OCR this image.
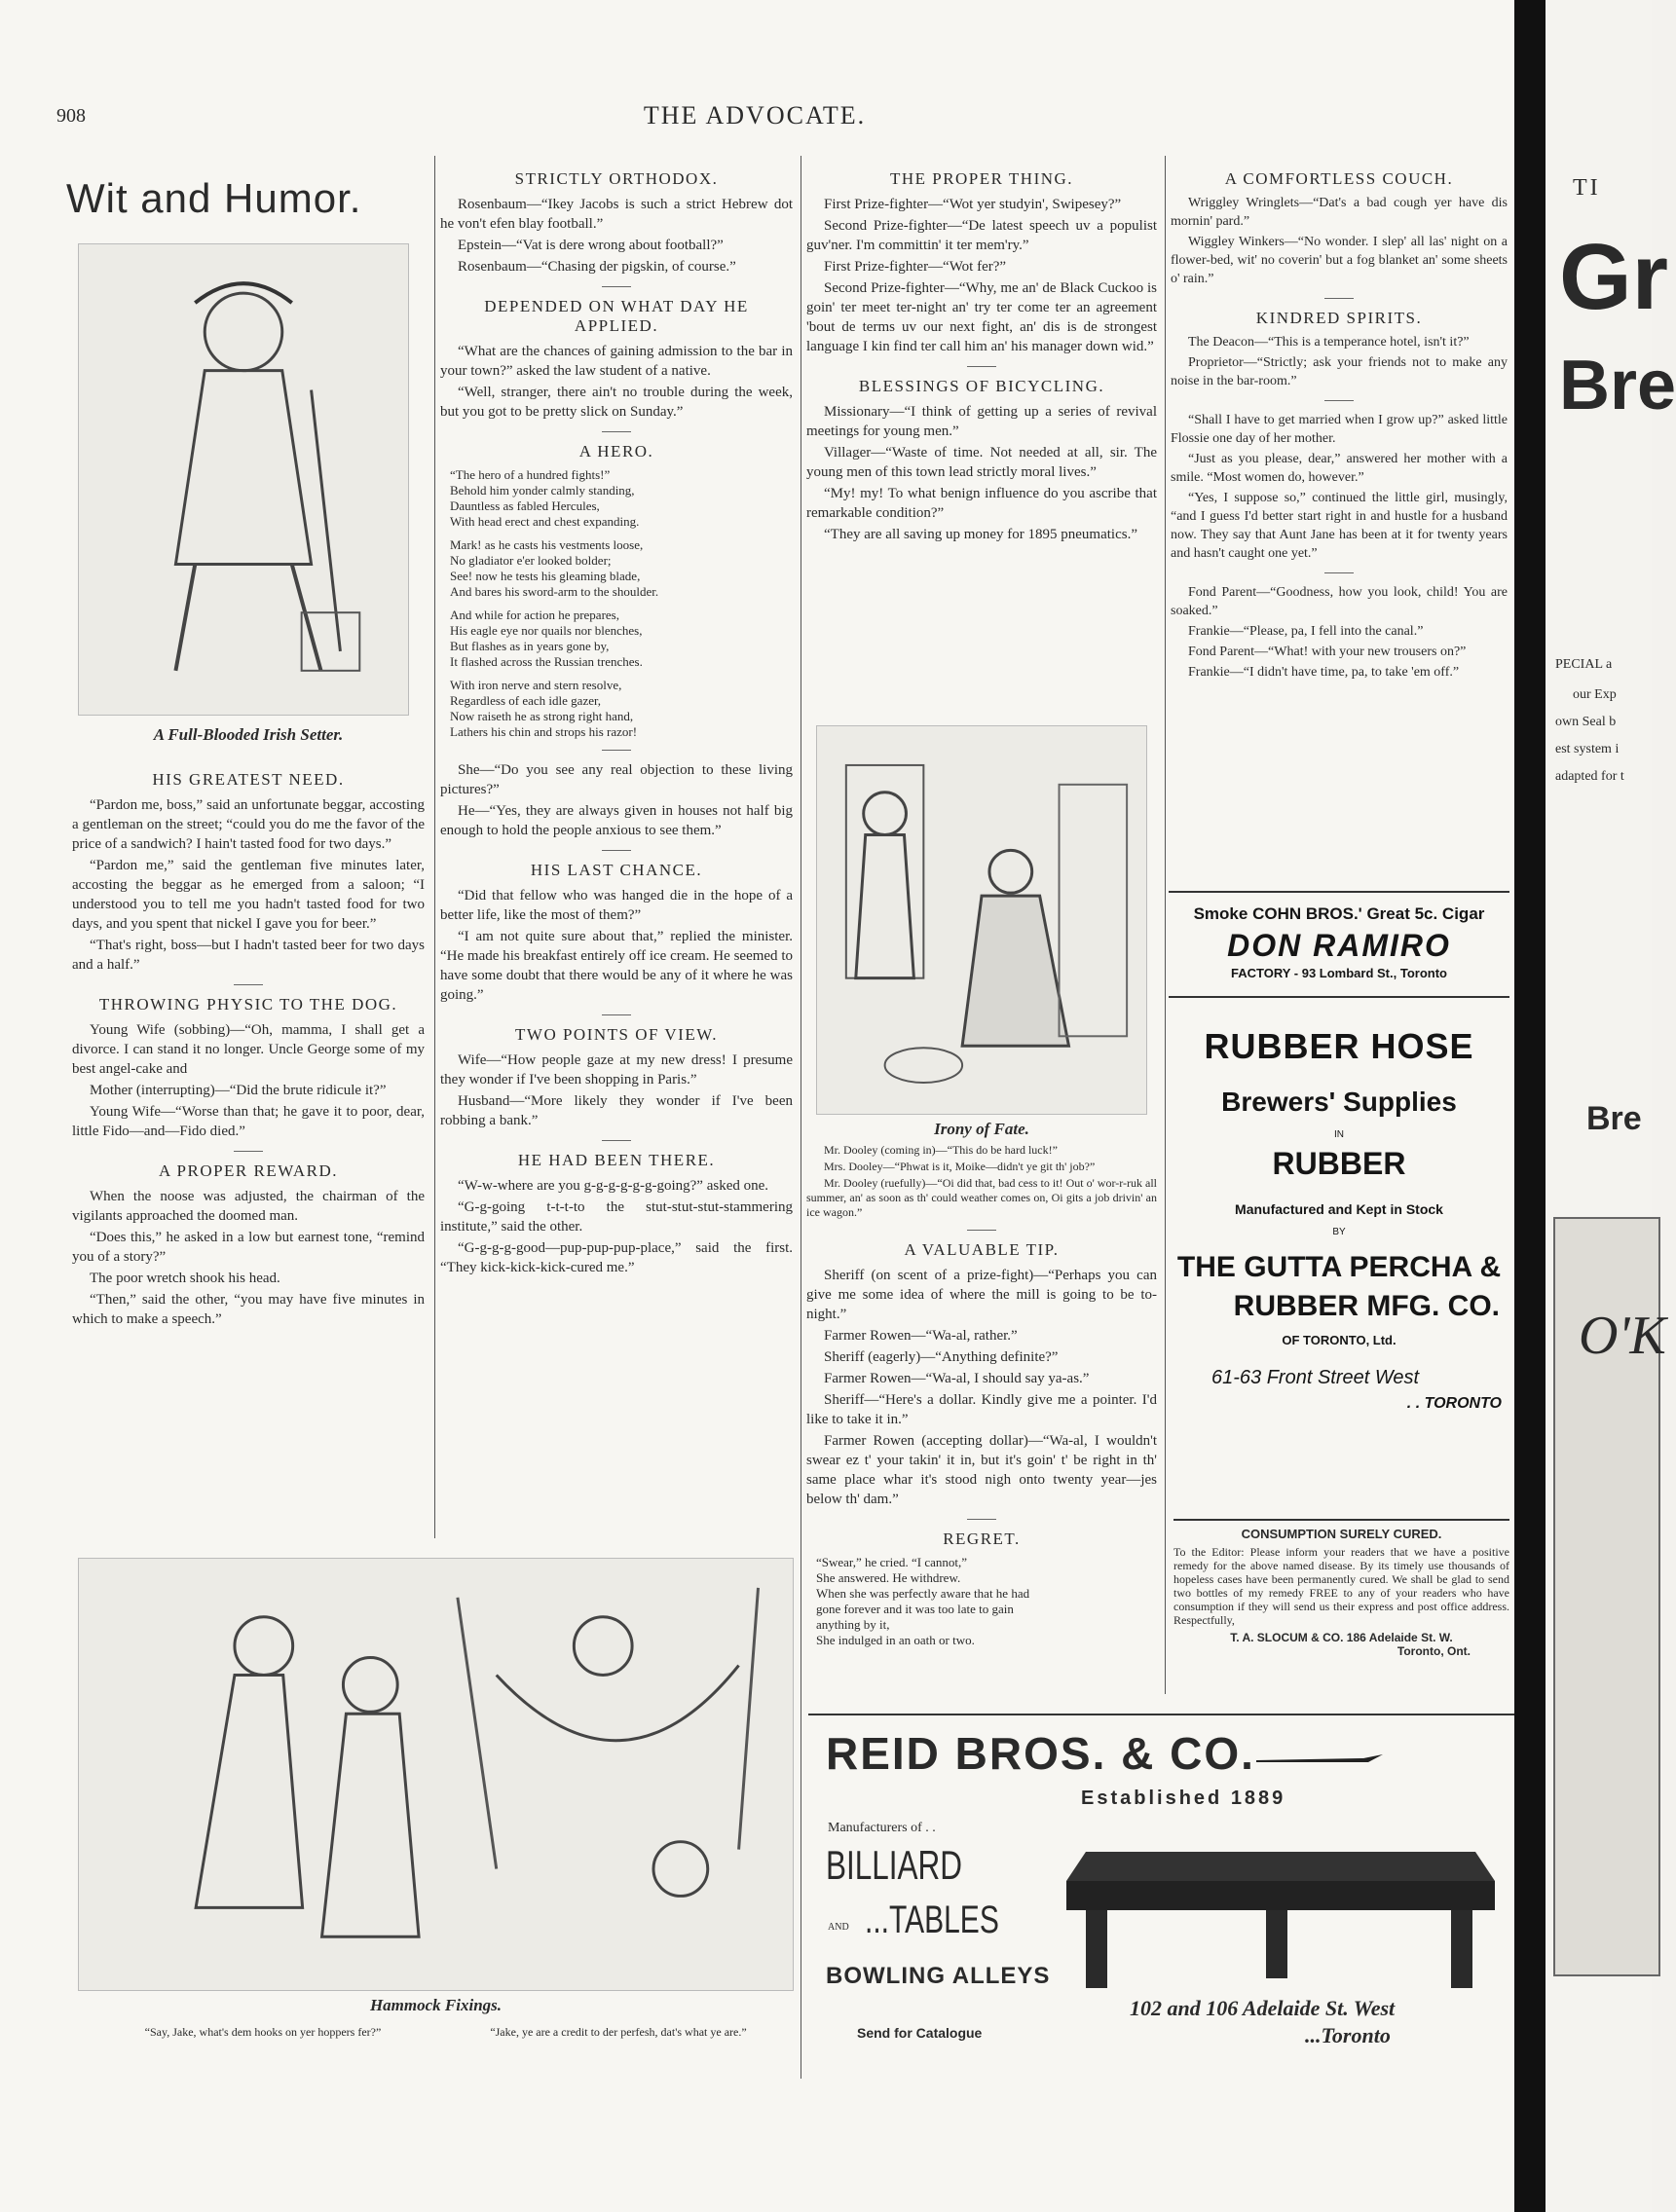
908	THE ADVOCATE.
Wit and Humor.
A Full-Blooded Irish Setter.
HIS GREATEST NEED.

“Pardon me, boss,” said an unfortunate beggar, accosting a gentleman on the street; “could you do me the favor of the price of a sandwich? I hain't tasted food for two days.”

“Pardon me,” said the gentleman five minutes later, accosting the beggar as he emerged from a saloon; “I understood you to tell me you hadn't tasted food for two days, and you spent that nickel I gave you for beer.”

“That's right, boss—but I hadn't tasted beer for two days and a half.”

THROWING PHYSIC TO THE DOG.

Young Wife (sobbing)—“Oh, mamma, I shall get a divorce. I can stand it no longer. Uncle George some of my best angel-cake and

Mother (interrupting)—“Did the brute ridicule it?”

Young Wife—“Worse than that; he gave it to poor, dear, little Fido—and—Fido died.”

A PROPER REWARD.

When the noose was adjusted, the chairman of the vigilants approached the doomed man.

“Does this,” he asked in a low but earnest tone, “remind you of a story?”

The poor wretch shook his head.

“Then,” said the other, “you may have five minutes in which to make a speech.”

STRICTLY ORTHODOX.

Rosenbaum—“Ikey Jacobs is such a strict Hebrew dot he von't efen blay football.”

Epstein—“Vat is dere wrong about football?”

Rosenbaum—“Chasing der pigskin, of course.”

DEPENDED ON WHAT DAY HE APPLIED.

“What are the chances of gaining admission to the bar in your town?” asked the law student of a native.

“Well, stranger, there ain't no trouble during the week, but you got to be pretty slick on Sunday.”

A HERO.
“The hero of a hundred fights!”
Behold him yonder calmly standing,
Dauntless as fabled Hercules,
With head erect and chest expanding.
Mark! as he casts his vestments loose,
No gladiator e'er looked bolder;
See! now he tests his gleaming blade,
And bares his sword-arm to the shoulder.
And while for action he prepares,
His eagle eye nor quails nor blenches,
But flashes as in years gone by,
It flashed across the Russian trenches.
With iron nerve and stern resolve,
Regardless of each idle gazer,
Now raiseth he as strong right hand,
Lathers his chin and strops his razor!

She—“Do you see any real objection to these living pictures?”

He—“Yes, they are always given in houses not half big enough to hold the people anxious to see them.”

HIS LAST CHANCE.

“Did that fellow who was hanged die in the hope of a better life, like the most of them?”

“I am not quite sure about that,” replied the minister. “He made his breakfast entirely off ice cream. He seemed to have some doubt that there would be any of it where he was going.”

TWO POINTS OF VIEW.

Wife—“How people gaze at my new dress! I presume they wonder if I've been shopping in Paris.”

Husband—“More likely they wonder if I've been robbing a bank.”

HE HAD BEEN THERE.

“W-w-where are you g-g-g-g-g-g-going?” asked one.

“G-g-going t-t-t-to the stut-stut-stut-stammering institute,” said the other.

“G-g-g-g-good—pup-pup-pup-place,” said the first. “They kick-kick-kick-cured me.”

THE PROPER THING.

First Prize-fighter—“Wot yer studyin', Swipesey?”

Second Prize-fighter—“De latest speech uv a populist guv'ner. I'm committin' it ter mem'ry.”

First Prize-fighter—“Wot fer?”

Second Prize-fighter—“Why, me an' de Black Cuckoo is goin' ter meet ter-night an' try ter come ter an agreement 'bout de terms uv our next fight, an' dis is de strongest language I kin find ter call him an' his manager down wid.”

BLESSINGS OF BICYCLING.

Missionary—“I think of getting up a series of revival meetings for young men.”

Villager—“Waste of time. Not needed at all, sir. The young men of this town lead strictly moral lives.”

“My! my! To what benign influence do you ascribe that remarkable condition?”

“They are all saving up money for 1895 pneumatics.”

Irony of Fate.

Mr. Dooley (coming in)—“This do be hard luck!”

Mrs. Dooley—“Phwat is it, Moike—didn't ye git th' job?”

Mr. Dooley (ruefully)—“Oi did that, bad cess to it! Out o' wor-r-ruk all summer, an' as soon as th' could weather comes on, Oi gits a job drivin' an ice wagon.”

A VALUABLE TIP.

Sheriff (on scent of a prize-fight)—“Perhaps you can give me some idea of where the mill is going to be to-night.”

Farmer Rowen—“Wa-al, rather.”

Sheriff (eagerly)—“Anything definite?”

Farmer Rowen—“Wa-al, I should say ya-as.”

Sheriff—“Here's a dollar. Kindly give me a pointer. I'd like to take it in.”

Farmer Rowen (accepting dollar)—“Wa-al, I wouldn't swear ez t' your takin' it in, but it's goin' t' be right in th' same place whar it's stood nigh onto twenty year—jes below th' dam.”

REGRET.
“Swear,” he cried. “I cannot,”
She answered. He withdrew.
When she was perfectly aware that he had
gone forever and it was too late to gain
anything by it,
She indulged in an oath or two.
A COMFORTLESS COUCH.

Wriggley Wringlets—“Dat's a bad cough yer have dis mornin' pard.”

Wiggley Winkers—“No wonder. I slep' all las' night on a flower-bed, wit' no coverin' but a fog blanket an' some sheets o' rain.”

KINDRED SPIRITS.

The Deacon—“This is a temperance hotel, isn't it?”

Proprietor—“Strictly; ask your friends not to make any noise in the bar-room.”

“Shall I have to get married when I grow up?” asked little Flossie one day of her mother.

“Just as you please, dear,” answered her mother with a smile. “Most women do, however.”

“Yes, I suppose so,” continued the little girl, musingly, “and I guess I'd better start right in and hustle for a husband now. They say that Aunt Jane has been at it for twenty years and hasn't caught one yet.”

Fond Parent—“Goodness, how you look, child! You are soaked.”

Frankie—“Please, pa, I fell into the canal.”

Fond Parent—“What! with your new trousers on?”

Frankie—“I didn't have time, pa, to take 'em off.”

Smoke COHN BROS.' Great 5c. Cigar
DON RAMIRO
FACTORY - 93 Lombard St., Toronto
RUBBER HOSE
Brewers' Supplies
IN
RUBBER
Manufactured and Kept in Stock
BY
THE GUTTA PERCHA &
RUBBER MFG. CO.
OF TORONTO, Ltd.
61-63 Front Street West
. . TORONTO
CONSUMPTION SURELY CURED.
To the Editor: Please inform your readers that we have a positive remedy for the above named disease. By its timely use thousands of hopeless cases have been permanently cured. We shall be glad to send two bottles of my remedy FREE to any of your readers who have consumption if they will send us their express and post office address. Respectfully,
T. A. SLOCUM & CO. 186 Adelaide St. W.
Toronto, Ont.
Hammock Fixings.
“Say, Jake, what's dem hooks on yer hoppers fer?”	“Jake, ye are a credit to der perfesh, dat's what ye are.”
REID BROS. & CO.
Established 1889
Manufacturers of . .
BILLIARD
AND ...TABLES
BOWLING ALLEYS
102 and 106 Adelaide St. West
...Toronto
Send for Catalogue
TI
Gr
Bre
PECIAL a
our Exp
own Seal b
est system i
adapted for t
Bre
O'K
